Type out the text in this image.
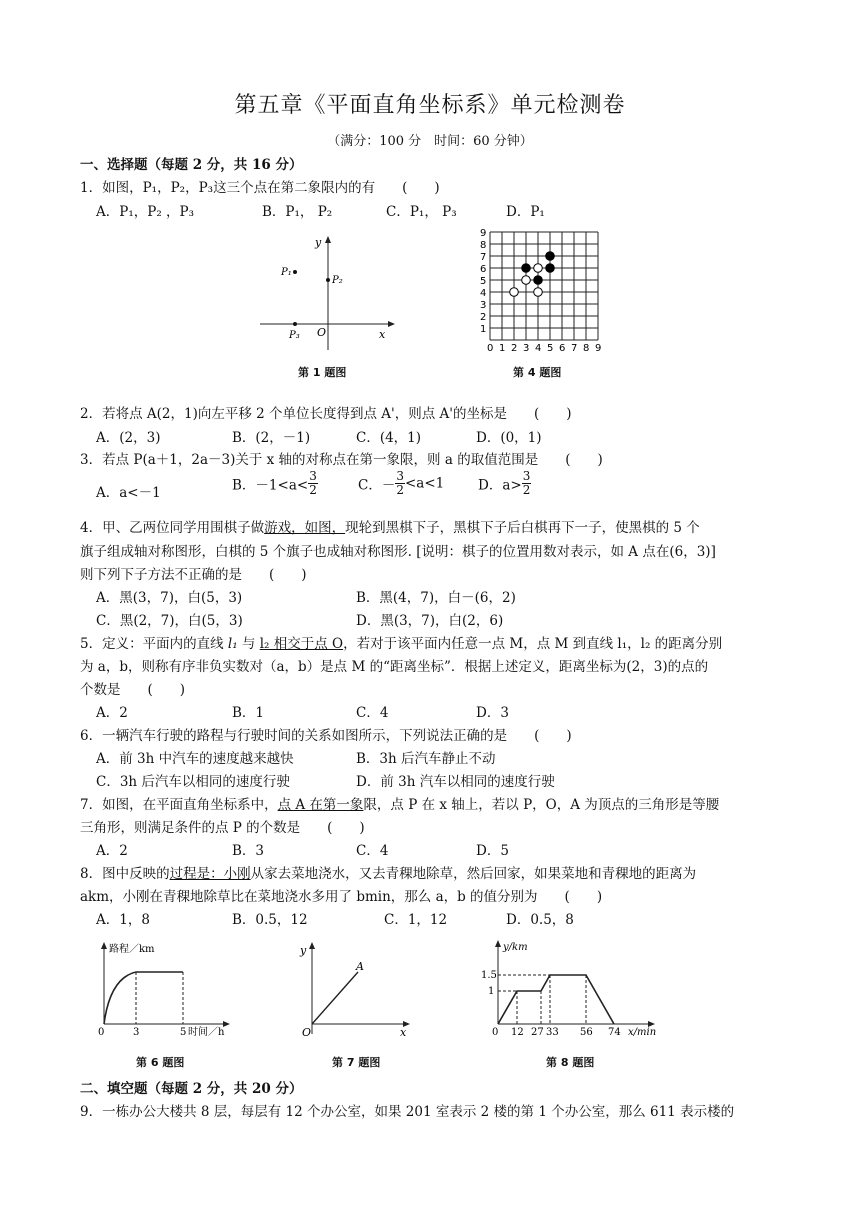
第五章《平面直角坐标系》单元检测卷
（满分：100 分　时间：60 分钟）
一、选择题（每题 2 分，共 16 分）
1．如图，P₁，P₂，P₃这三个点在第二象限内的有　　(　　)
A．P₁，P₂ ，P₃	B．P₁， P₂	C．P₁， P₃	D．P₁
y
x
O
P₁
P₂
P₃
第 1 题图
0 1
1
2
2
3
3
4
4
5
5
6
6
7
7
8
8
9
9
第 4 题图
2．若将点 A(2，1)向左平移 2 个单位长度得到点 A'，则点 A'的坐标是　　(　　)
A．(2，3)	B．(2，－1)	C．(4，1)	D．(0，1)
3．若点 P(a＋1，2a－3)关于 x 轴的对称点在第一象限，则 a 的取值范围是　　(　　)
A．a<－1	B．$-1<a< \frac{3}{2}$	C．－ $\frac{3}{2} <a<1$	D．$a> \frac{3}{2}$
4．甲、乙两位同学用围棋子做游戏，如图，现轮到黑棋下子，黑棋下子后白棋再下一子，使黑棋的 5 个
旗子组成轴对称图形，白棋的 5 个旗子也成轴对称图形. [说明：棋子的位置用数对表示，如 A 点在(6，3)]
则下列下子方法不正确的是　　(　　)
A．黑(3，7)，白(5，3)	B．黑(4，7)，白－(6，2)
C．黑(2，7)，白(5，3)	D．黑(3，7)，白(2，6)
5．定义：平面内的直线 l₁ 与 l₂ 相交于点 O，若对于该平面内任意一点 M，点 M 到直线 l₁，l₂ 的距离分别
为 a，b，则称有序非负实数对（a，b）是点 M 的“距离坐标”．根据上述定义，距离坐标为(2，3)的点的
个数是　　(　　)
A．2	B．1	C．4	D．3
6．一辆汽车行驶的路程与行驶时间的关系如图所示，下列说法正确的是　　(　　)
A．前 3h 中汽车的速度越来越快	B．3h 后汽车静止不动
C．3h 后汽车以相同的速度行驶	D．前 3h 汽车以相同的速度行驶
7．如图，在平面直角坐标系中，点 A 在第一象限，点 P 在 x 轴上，若以 P，O，A 为顶点的三角形是等腰
三角形，则满足条件的点 P 的个数是　　(　　)
A．2	B．3	C．4	D．5
8．图中反映的过程是：小刚从家去菜地浇水，又去青稞地除草，然后回家，如果菜地和青稞地的距离为
akm，小刚在青稞地除草比在菜地浇水多用了 bmin，那么 a，b 的值分别为　　(　　)
A．1，8	B．0.5，12	C．1，12	D．0.5，8
路程／km
0	3	5 时间／h
第 6 题图
y
x
O
A
第 7 题图
y/km
1.5
1
0 12 27 33 56 74 x/min
第 8 题图
二、填空题（每题 2 分，共 20 分）
9．一栋办公大楼共 8 层，每层有 12 个办公室，如果 201 室表示 2 楼的第 1 个办公室，那么 611 表示楼的
